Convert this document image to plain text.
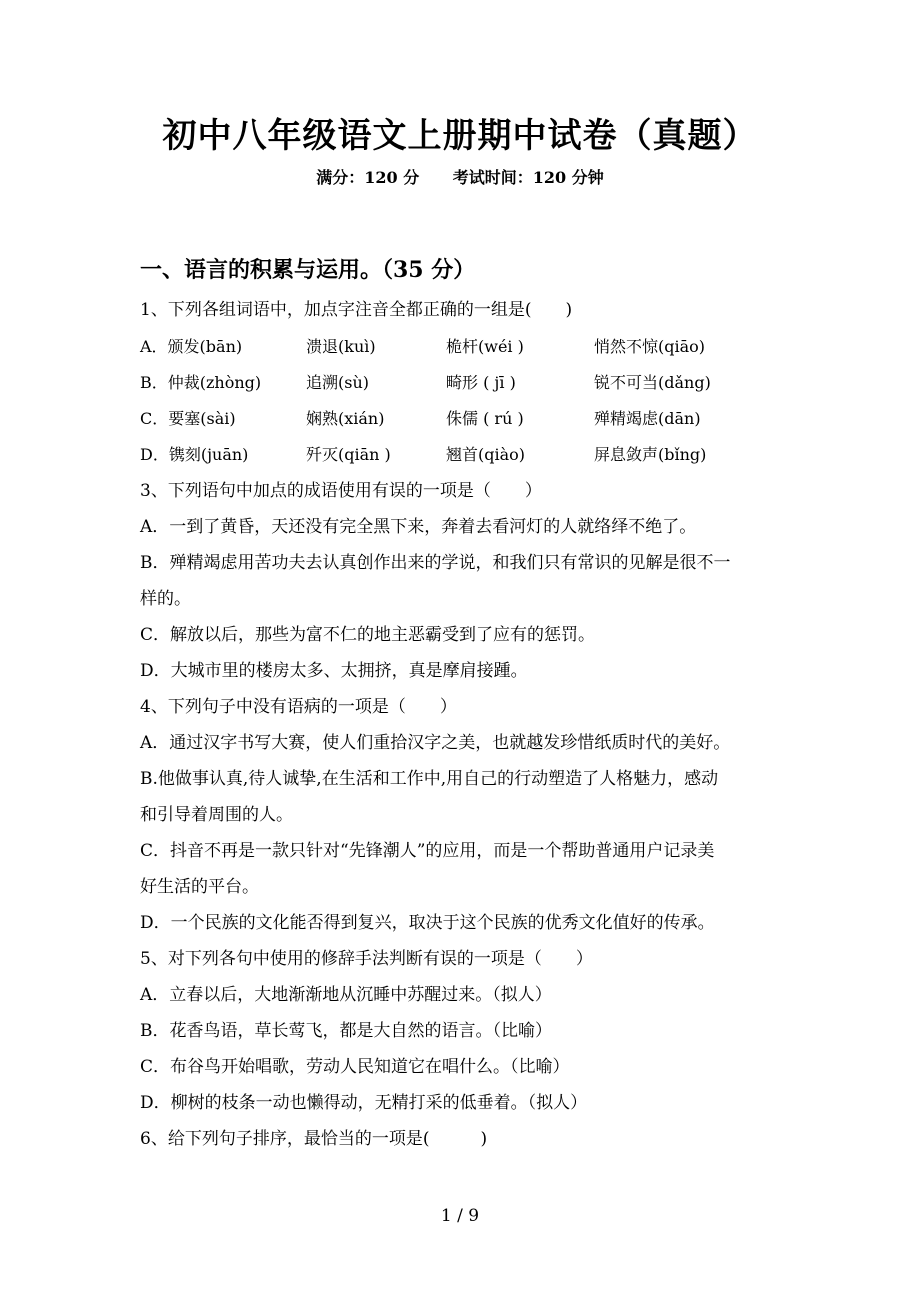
初中八年级语文上册期中试卷（真题）
满分：120 分 考试时间：120 分钟
一、语言的积累与运用。（35 分）
1、下列各组词语中，加点字注音全都正确的一组是(　　)
A．颁发(bān)	溃退(kuì)	桅杆(wéi )	悄然不惊(qiāo)
B．仲裁(zhòng)	追溯(sù)	畸形 ( jī )	锐不可当(dǎng)
C．要塞(sài)	娴熟(xián)	侏儒 ( rú )	殚精竭虑(dān)
D．镌刻(juān)	歼灭(qiān )	翘首(qiào)	屏息敛声(bǐng)
3、下列语句中加点的成语使用有误的一项是（　　）
A．一到了黄昏，天还没有完全黑下来，奔着去看河灯的人就络绎不绝了。
B．殚精竭虑用苦功夫去认真创作出来的学说，和我们只有常识的见解是很不一
样的。
C．解放以后，那些为富不仁的地主恶霸受到了应有的惩罚。
D．大城市里的楼房太多、太拥挤，真是摩肩接踵。
4、下列句子中没有语病的一项是（　　）
A．通过汉字书写大赛，使人们重拾汉字之美，也就越发珍惜纸质时代的美好。
B.他做事认真,待人诚挚,在生活和工作中,用自己的行动塑造了人格魅力，感动
和引导着周围的人。
C．抖音不再是一款只针对“先锋潮人”的应用，而是一个帮助普通用户记录美
好生活的平台。
D．一个民族的文化能否得到复兴，取决于这个民族的优秀文化值好的传承。
5、对下列各句中使用的修辞手法判断有误的一项是（　　）
A．立春以后，大地渐渐地从沉睡中苏醒过来。（拟人）
B．花香鸟语，草长莺飞，都是大自然的语言。（比喻）
C．布谷鸟开始唱歌，劳动人民知道它在唱什么。（比喻）
D．柳树的枝条一动也懒得动，无精打采的低垂着。（拟人）
6、给下列句子排序，最恰当的一项是(　　　)
1 / 9
